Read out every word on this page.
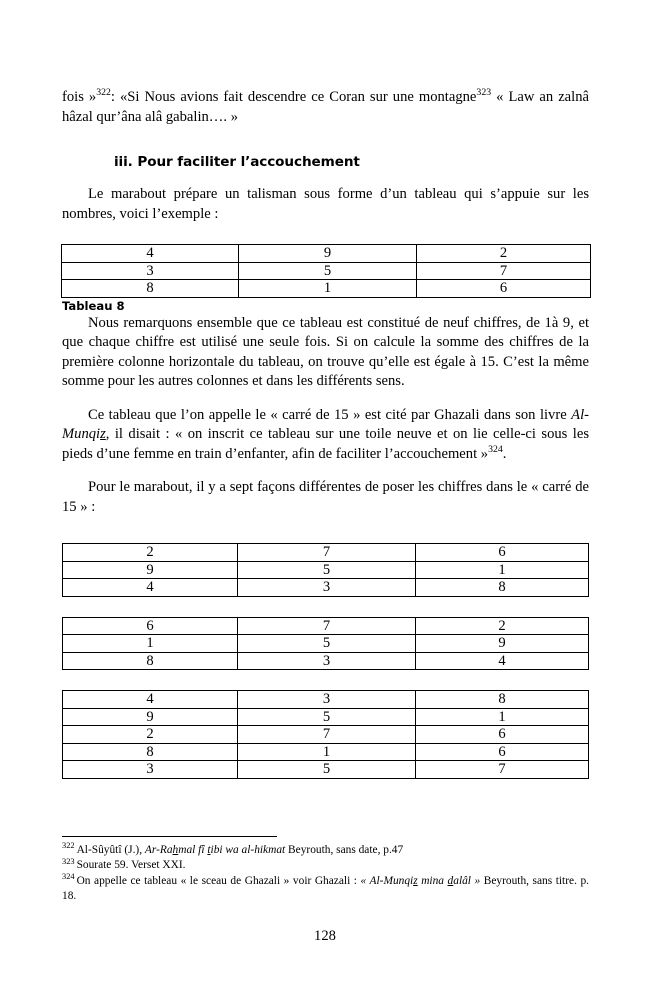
fois »$^{322}$: «Si Nous avions fait descendre ce Coran sur une montagne$^{323}$ « Law an zalnâ hâzal qur’âna alâ gabalin…. »

iii. Pour faciliter l’accouchement

Le marabout prépare un talisman sous forme d’un tableau qui s’appuie sur les nombres, voici l’exemple :

4	9	2
3	5	7
8	1	6

Tableau 8

Nous remarquons ensemble que ce tableau est constitué de neuf chiffres, de 1à 9, et que chaque chiffre est utilisé une seule fois. Si on calcule la somme des chiffres de la première colonne horizontale du tableau, on trouve qu’elle est égale à 15. C’est la même somme pour les autres colonnes et dans les différents sens.

Ce tableau que l’on appelle le « carré de 15 » est cité par Ghazali dans son livre Al-Munqiz, il disait : « on inscrit ce tableau sur une toile neuve et on lie celle-ci sous les pieds d’une femme en train d’enfanter, afin de faciliter l’accouchement »$^{324}$.

Pour le marabout, il y a sept façons différentes de poser les chiffres dans le « carré de 15 » :

2	7	6
9	5	1
4	3	8
6	7	2
1	5	9
8	3	4
4	3	8
9	5	1
2	7	6
8	1	6
3	5	7

$^{322}$ Al-Sûyûtî (J.), Ar-Rahmal fî tibi wa al-hikmat Beyrouth, sans date, p.47

$^{323}$ Sourate 59. Verset XXI.

$^{324}$ On appelle ce tableau « le sceau de Ghazali » voir Ghazali : « Al-Munqiz mina dalâl » Beyrouth, sans titre. p. 18.

128
